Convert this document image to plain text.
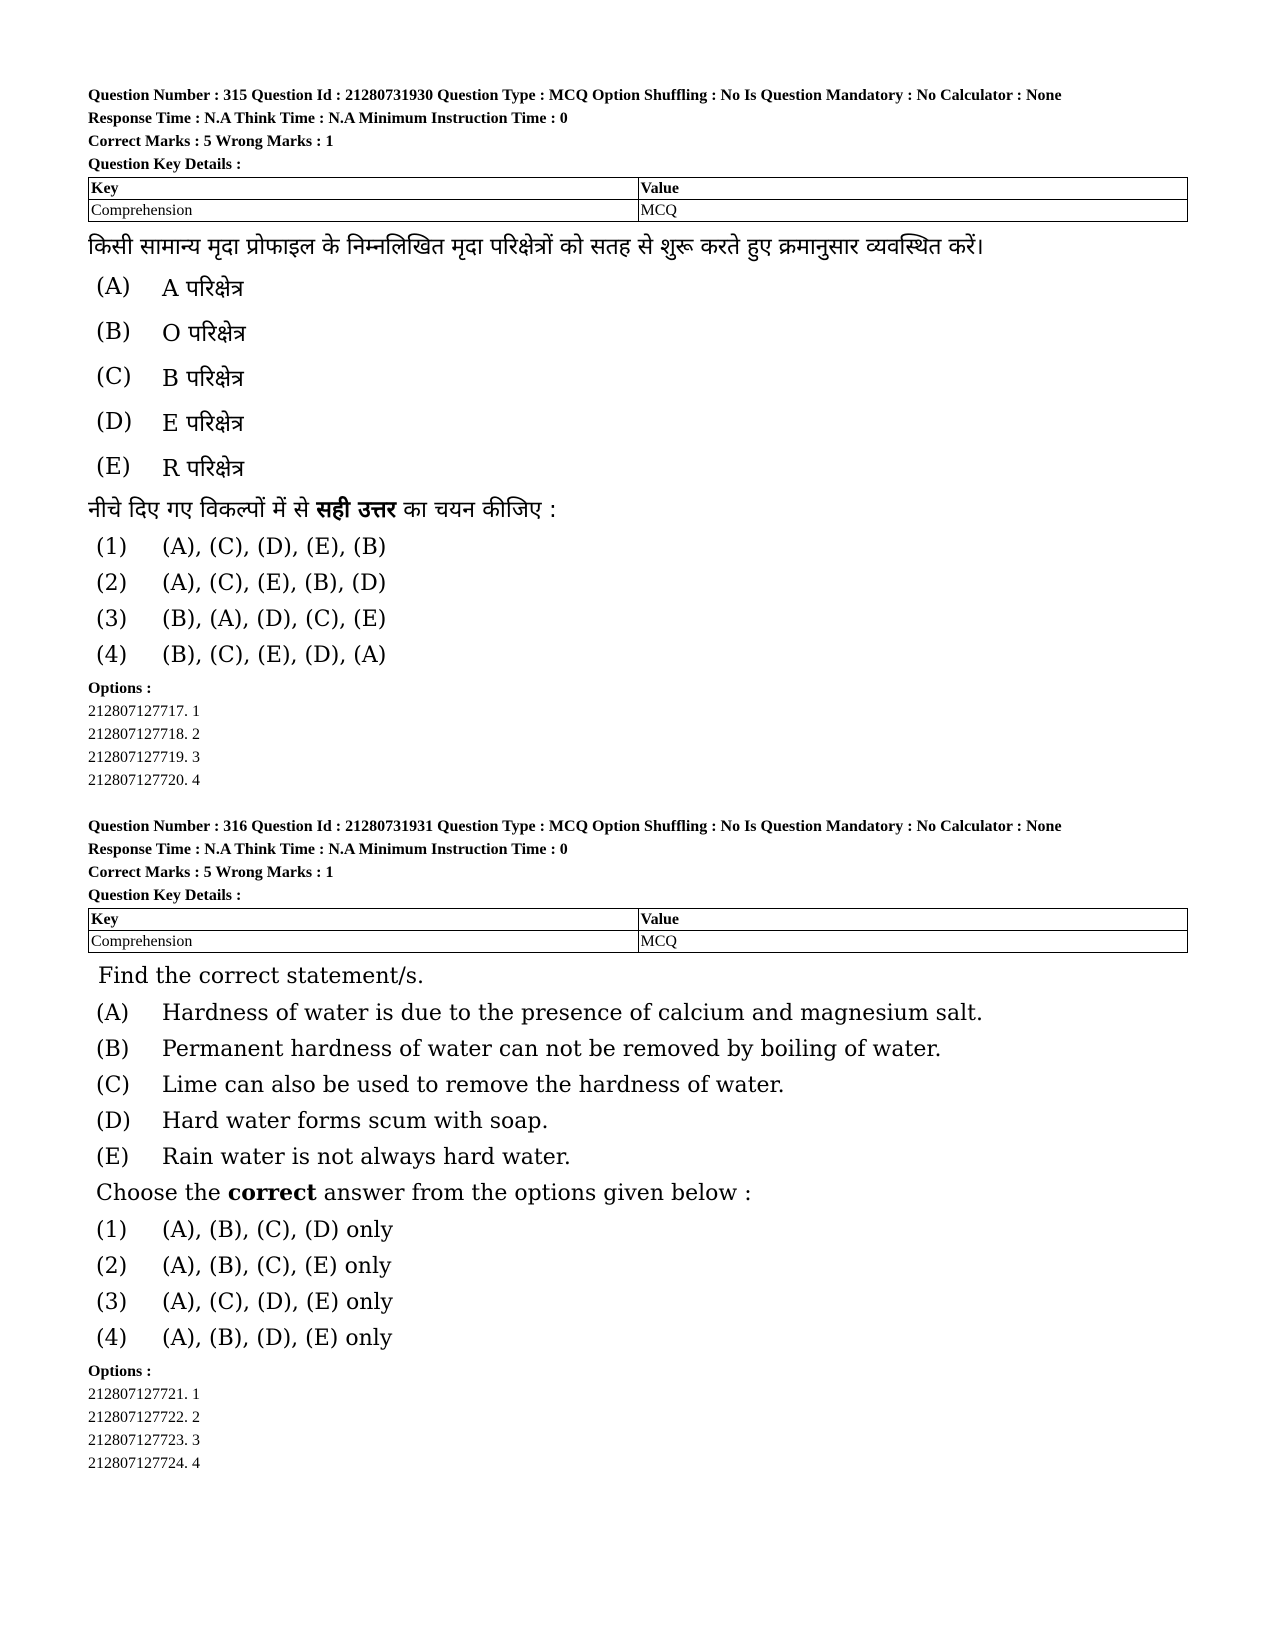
Question Number : 315 Question Id : 21280731930 Question Type : MCQ Option Shuffling : No Is Question Mandatory : No Calculator : None
Response Time : N.A Think Time : N.A Minimum Instruction Time : 0
Correct Marks : 5 Wrong Marks : 1
Question Key Details :
Key	Value
Comprehension	MCQ
किसी सामान्य मृदा प्रोफाइल के निम्नलिखित मृदा परिक्षेत्रों को सतह से शुरू करते हुए क्रमानुसार व्यवस्थित करें।
(A)	A परिक्षेत्र
(B)	O परिक्षेत्र
(C)	B परिक्षेत्र
(D)	E परिक्षेत्र
(E)	R परिक्षेत्र
नीचे दिए गए विकल्पों में से सही उत्तर का चयन कीजिए :
(1)	(A), (C), (D), (E), (B)
(2)	(A), (C), (E), (B), (D)
(3)	(B), (A), (D), (C), (E)
(4)	(B), (C), (E), (D), (A)
Options :
212807127717. 1
212807127718. 2
212807127719. 3
212807127720. 4
Question Number : 316 Question Id : 21280731931 Question Type : MCQ Option Shuffling : No Is Question Mandatory : No Calculator : None
Response Time : N.A Think Time : N.A Minimum Instruction Time : 0
Correct Marks : 5 Wrong Marks : 1
Question Key Details :
Key	Value
Comprehension	MCQ
Find the correct statement/s.
(A)	Hardness of water is due to the presence of calcium and magnesium salt.
(B)	Permanent hardness of water can not be removed by boiling of water.
(C)	Lime can also be used to remove the hardness of water.
(D)	Hard water forms scum with soap.
(E)	Rain water is not always hard water.
Choose the correct answer from the options given below :
(1)	(A), (B), (C), (D) only
(2)	(A), (B), (C), (E) only
(3)	(A), (C), (D), (E) only
(4)	(A), (B), (D), (E) only
Options :
212807127721. 1
212807127722. 2
212807127723. 3
212807127724. 4
